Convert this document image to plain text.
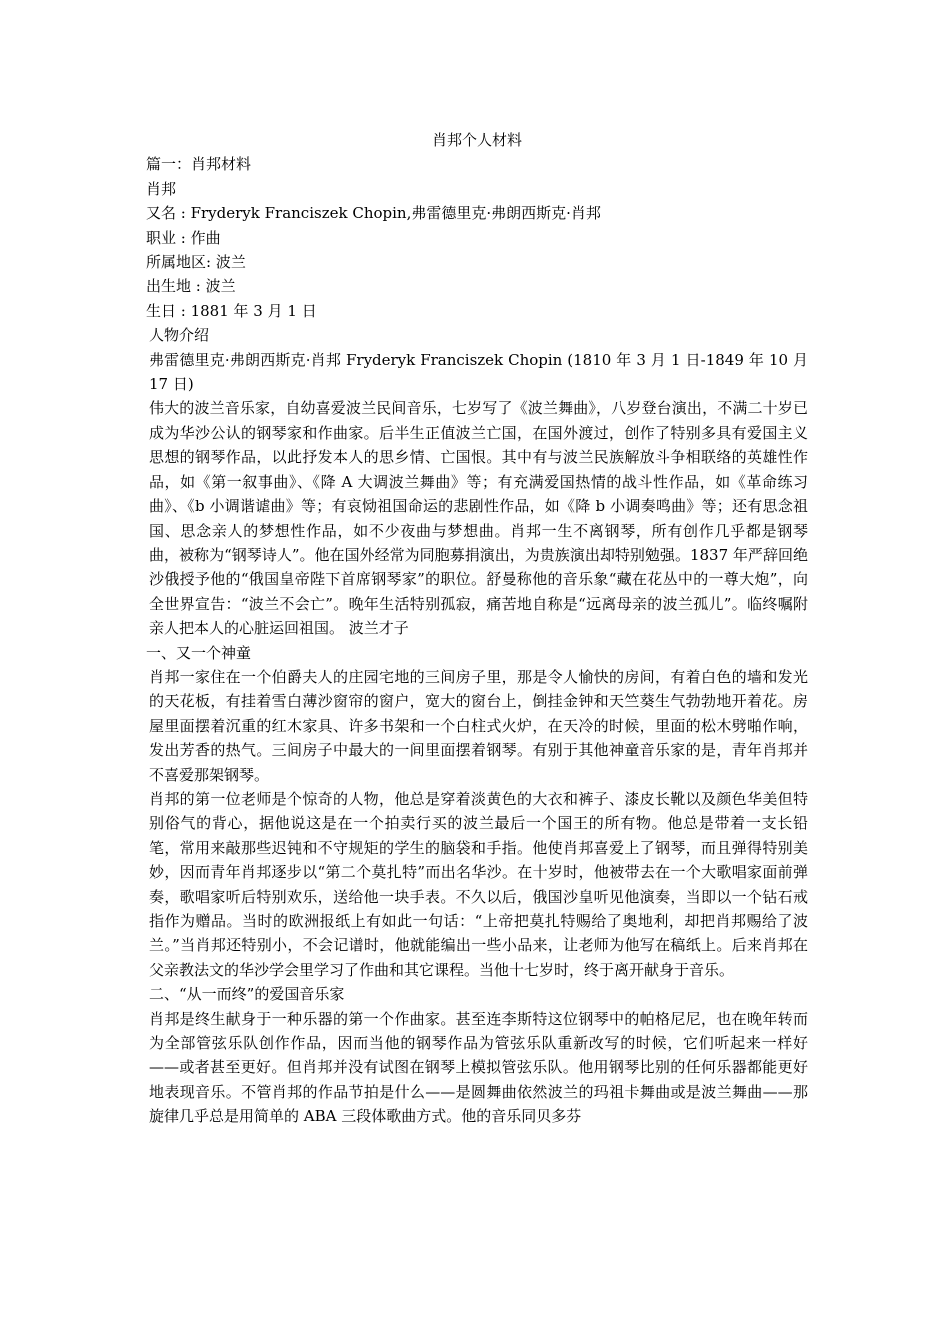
肖邦个人材料

篇一：肖邦材料

肖邦

又名 : Fryderyk Franciszek Chopin,弗雷德里克·弗朗西斯克·肖邦

职业 : 作曲

所属地区: 波兰

出生地 : 波兰

生日 : 1881 年 3 月 1 日

人物介绍

弗雷德里克·弗朗西斯克·肖邦 Fryderyk Franciszek Chopin (1810 年 3 月 1 日-1849 年 10 月 17 日)

伟大的波兰音乐家，自幼喜爱波兰民间音乐，七岁写了《波兰舞曲》，八岁登台演出，不满二十岁已成为华沙公认的钢琴家和作曲家。后半生正值波兰亡国，在国外渡过，创作了特别多具有爱国主义思想的钢琴作品，以此抒发本人的思乡情、亡国恨。其中有与波兰民族解放斗争相联络的英雄性作品，如《第一叙事曲》、《降 A 大调波兰舞曲》等；有充满爱国热情的战斗性作品，如《革命练习曲》、《b 小调谐谑曲》等；有哀恸祖国命运的悲剧性作品，如《降 b 小调奏鸣曲》等；还有思念祖国、思念亲人的梦想性作品，如不少夜曲与梦想曲。肖邦一生不离钢琴，所有创作几乎都是钢琴曲，被称为“钢琴诗人”。他在国外经常为同胞募捐演出，为贵族演出却特别勉强。1837 年严辞回绝沙俄授予他的“俄国皇帝陛下首席钢琴家”的职位。舒曼称他的音乐象“藏在花丛中的一尊大炮”，向全世界宣告：“波兰不会亡”。晚年生活特别孤寂，痛苦地自称是“远离母亲的波兰孤儿”。临终嘱附亲人把本人的心脏运回祖国。 波兰才子

一、又一个神童

肖邦一家住在一个伯爵夫人的庄园宅地的三间房子里，那是令人愉快的房间，有着白色的墙和发光的天花板，有挂着雪白薄沙窗帘的窗户，宽大的窗台上，倒挂金钟和天竺葵生气勃勃地开着花。房屋里面摆着沉重的红木家具、许多书架和一个白柱式火炉，在天冷的时候，里面的松木劈啪作响，发出芳香的热气。三间房子中最大的一间里面摆着钢琴。有别于其他神童音乐家的是，青年肖邦并不喜爱那架钢琴。

肖邦的第一位老师是个惊奇的人物，他总是穿着淡黄色的大衣和裤子、漆皮长靴以及颜色华美但特别俗气的背心，据他说这是在一个拍卖行买的波兰最后一个国王的所有物。他总是带着一支长铅笔，常用来敲那些迟钝和不守规矩的学生的脑袋和手指。他使肖邦喜爱上了钢琴，而且弹得特别美妙，因而青年肖邦逐步以“第二个莫扎特”而出名华沙。在十岁时，他被带去在一个大歌唱家面前弹奏，歌唱家听后特别欢乐，送给他一块手表。不久以后，俄国沙皇听见他演奏，当即以一个钻石戒指作为赠品。当时的欧洲报纸上有如此一句话：“上帝把莫扎特赐给了奥地利，却把肖邦赐给了波兰。”当肖邦还特别小，不会记谱时，他就能编出一些小品来，让老师为他写在稿纸上。后来肖邦在父亲教法文的华沙学会里学习了作曲和其它课程。当他十七岁时，终于离开献身于音乐。

二、“从一而终”的爱国音乐家

肖邦是终生献身于一种乐器的第一个作曲家。甚至连李斯特这位钢琴中的帕格尼尼，也在晚年转而为全部管弦乐队创作作品，因而当他的钢琴作品为管弦乐队重新改写的时候，它们听起来一样好——或者甚至更好。但肖邦并没有试图在钢琴上模拟管弦乐队。他用钢琴比别的任何乐器都能更好地表现音乐。不管肖邦的作品节拍是什么——是圆舞曲依然波兰的玛祖卡舞曲或是波兰舞曲——那旋律几乎总是用简单的 ABA 三段体歌曲方式。他的音乐同贝多芬
